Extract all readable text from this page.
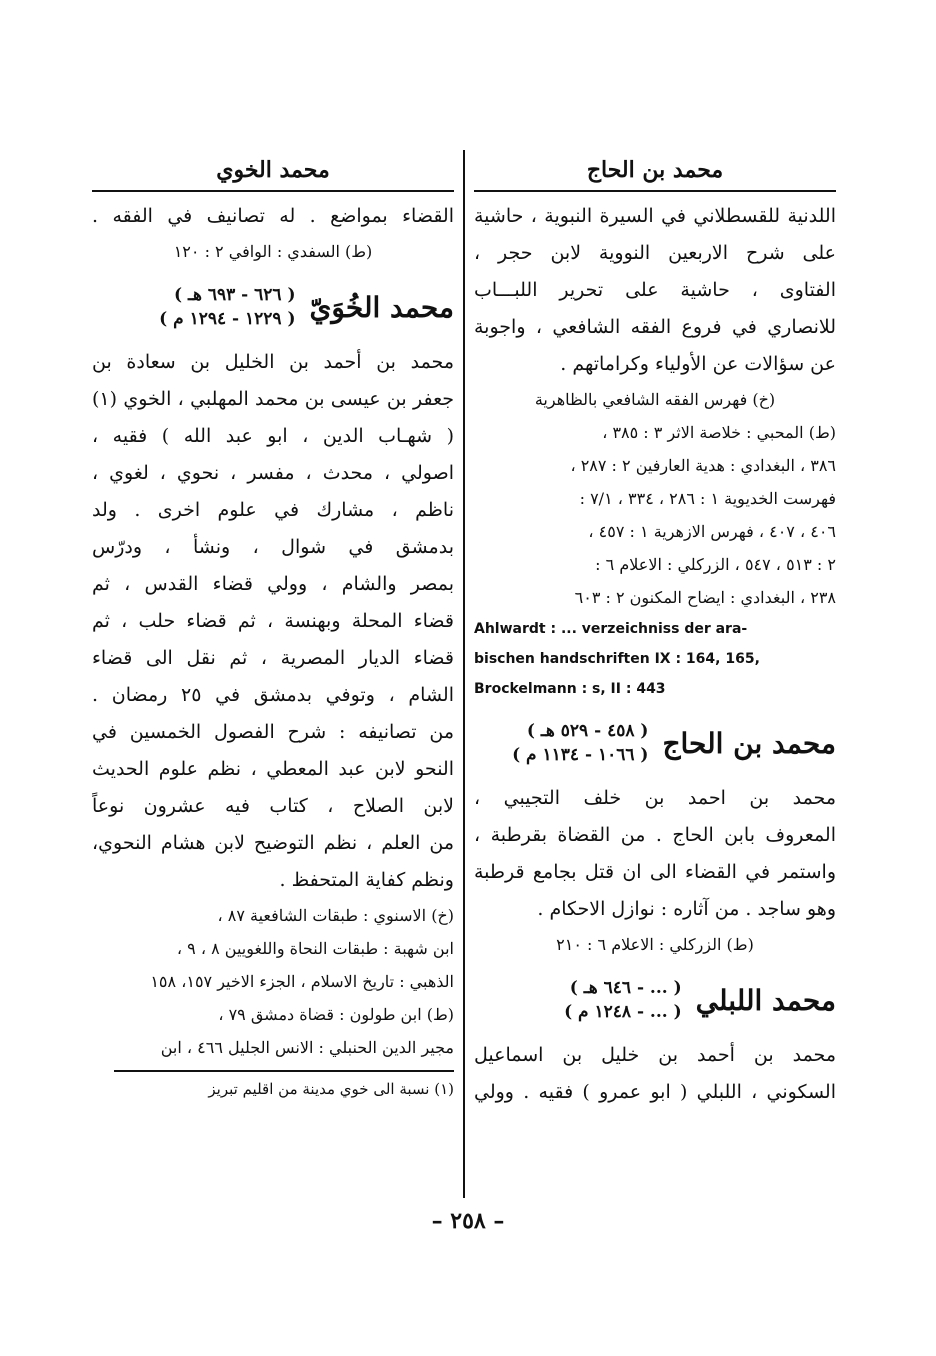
محمد بن الحاج
اللدنية للقسطلاني في السيرة النبوية ، حاشية
على شرح الاربعين النووية لابن حجر ،
الفتاوى ، حاشية على تحرير اللبـــاب
للانصاري في فروع الفقه الشافعي ، واجوبة
عن سؤالات عن الأولياء وكراماتهم .
(خ) فهرس الفقه الشافعي بالظاهرية
(ط) المحبي : خلاصة الاثر ٣ : ٣٨٥ ،
٣٨٦ ، البغدادي : هدية العارفين ٢ : ٢٨٧ ،
فهرست الخديوية ١ : ٢٨٦ ، ٣٣٤ ، ٧/١ :
٤٠٦ ، ٤٠٧ ، فهرس الازهرية ١ : ٤٥٧ ،
٢ : ٥١٣ ، ٥٤٧ ، الزركلي : الاعلام ٦ :
٢٣٨ ، البغدادي : ايضاح المكنون ٢ : ٦٠٣
Ahlwardt : ... verzeichniss der ara-
bischen handschriften IX : 164, 165,
Brockelmann : s, II : 443
محمد بن الحاج
( ٤٥٨ - ٥٢٩ هـ )
( ١٠٦٦ - ١١٣٤ م )
محمد بن احمد بن خلف التجيبي ،
المعروف بابن الحاج . من القضاة بقرطبة ،
واستمر في القضاء الى ان قتل بجامع قرطبة
وهو ساجد . من آثاره : نوازل الاحكام .
(ط) الزركلي : الاعلام ٦ : ٢١٠
محمد اللبلي
( ... - ٦٤٦ هـ )
( ... - ١٢٤٨ م )
محمد بن أحمد بن خليل بن اسماعيل
السكوني ، اللبلي ( ابو عمرو ) فقيه . وولي
محمد الخوي
القضاء بمواضع . له تصانيف في الفقه .
(ط) السفدي : الوافي ٢ : ١٢٠
محمد الخُوَيّ
( ٦٢٦ - ٦٩٣ هـ )
( ١٢٢٩ - ١٢٩٤ م )
محمد بن أحمد بن الخليل بن سعادة بن
جعفر بن عيسى بن محمد المهلبي ، الخوي (١)
( شهـاب الدين ، ابو عبد الله ) فقيه ،
اصولي ، محدث ، مفسر ، نحوي ، لغوي ،
ناظم ، مشارك في علوم اخرى . ولد
بدمشق في شوال ، ونشأ ، ودرّس
بمصر والشام ، وولي قضاء القدس ، ثم
قضاء المحلة وبهنسة ، ثم قضاء حلب ، ثم
قضاء الديار المصرية ، ثم نقل الى قضاء
الشام ، وتوفي بدمشق في ٢٥ رمضان .
من تصانيفه : شرح الفصول الخمسين في
النحو لابن عبد المعطي ، نظم علوم الحديث
لابن الصلاح ، كتاب فيه عشرون نوعاً
من العلم ، نظم التوضيح لابن هشام النحوي،
ونظم كفاية المتحفظ .
(خ) الاسنوي : طبقات الشافعية ٨٧ ،
ابن شهبة : طبقات النحاة واللغويين ٨ ، ٩ ،
الذهبي : تاريخ الاسلام ، الجزء الاخير ١٥٧، ١٥٨
(ط) ابن طولون : قضاة دمشق ٧٩ ،
مجير الدين الحنبلي : الانس الجليل ٤٦٦ ، ابن
(١) نسبة الى خوي مدينة من اقليم تبريز
– ٢٥٨ –
